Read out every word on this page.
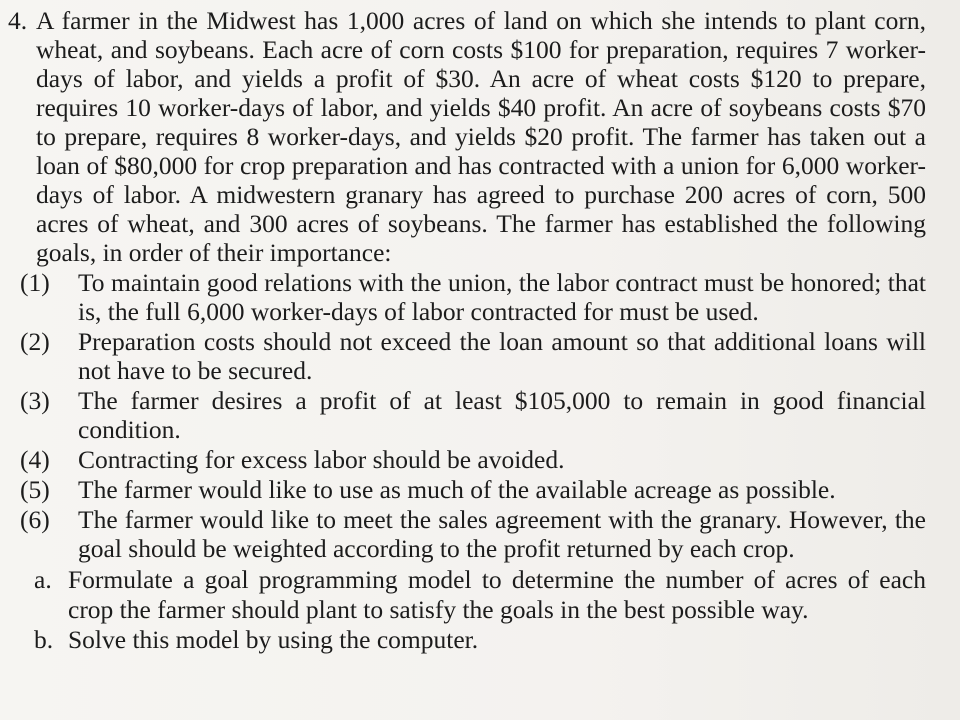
4. A farmer in the Midwest has 1,000 acres of land on which she intends to plant corn, wheat, and soybeans. Each acre of corn costs $100 for preparation, requires 7 worker-days of labor, and yields a profit of $30. An acre of wheat costs $120 to prepare, requires 10 worker-days of labor, and yields $40 profit. An acre of soybeans costs $70 to prepare, requires 8 worker-days, and yields $20 profit. The farmer has taken out a loan of $80,000 for crop preparation and has contracted with a union for 6,000 worker-days of labor. A midwestern granary has agreed to purchase 200 acres of corn, 500 acres of wheat, and 300 acres of soybeans. The farmer has established the following goals, in order of their importance:

(1)	To maintain good relations with the union, the labor contract must be honored; that is, the full 6,000 worker-days of labor contracted for must be used.
(2)	Preparation costs should not exceed the loan amount so that additional loans will not have to be secured.
(3)	The farmer desires a profit of at least $105,000 to remain in good financial condition.
(4)	Contracting for excess labor should be avoided.
(5)	The farmer would like to use as much of the available acreage as possible.
(6)	The farmer would like to meet the sales agreement with the granary. However, the goal should be weighted according to the profit returned by each crop.
a. Formulate a goal programming model to determine the number of acres of each crop the farmer should plant to satisfy the goals in the best possible way.
b. Solve this model by using the computer.
